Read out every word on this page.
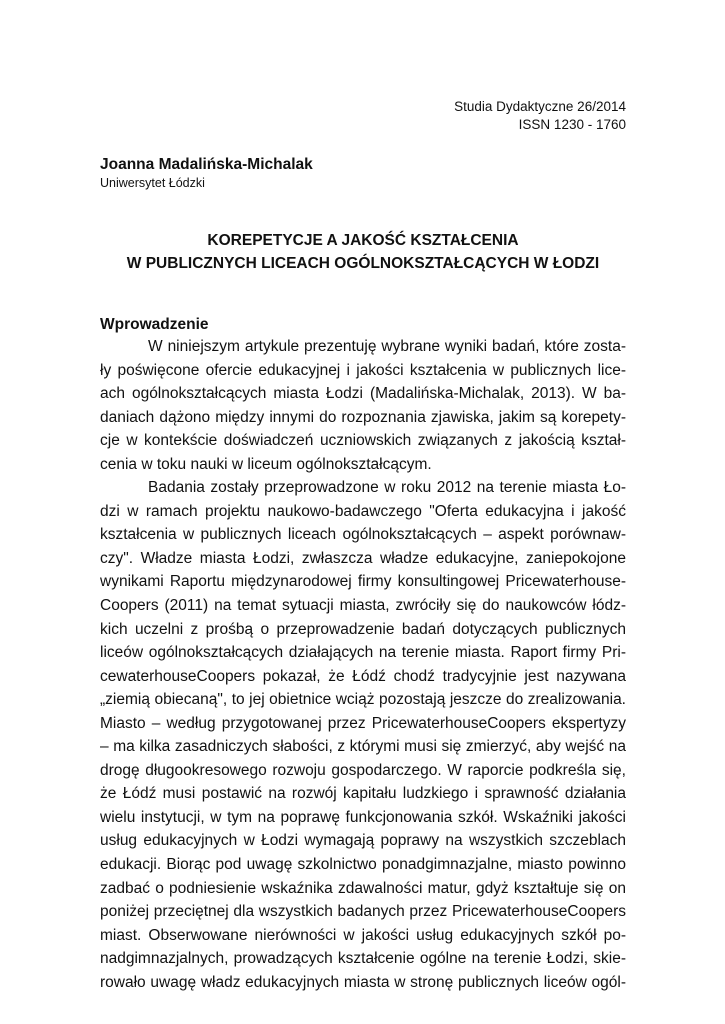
Studia Dydaktyczne 26/2014
ISSN 1230 - 1760
Joanna Madalińska-Michalak
Uniwersytet Łódzki
KOREPETYCJE A JAKOŚĆ KSZTAŁCENIA
W PUBLICZNYCH LICEACH OGÓLNOKSZTAŁCĄCYCH W ŁODZI
Wprowadzenie
W niniejszym artykule prezentuję wybrane wyniki badań, które zosta-
ły poświęcone ofercie edukacyjnej i jakości kształcenia w publicznych lice-
ach ogólnokształcących miasta Łodzi (Madalińska-Michalak, 2013). W ba-
daniach dążono między innymi do rozpoznania zjawiska, jakim są korepety-
cje w kontekście doświadczeń uczniowskich związanych z jakością kształ-
cenia w toku nauki w liceum ogólnokształcącym.
Badania zostały przeprowadzone w roku 2012 na terenie miasta Ło-
dzi w ramach projektu naukowo-badawczego "Oferta edukacyjna i jakość
kształcenia w publicznych liceach ogólnokształcących – aspekt porównaw-
czy". Władze miasta Łodzi, zwłaszcza władze edukacyjne, zaniepokojone
wynikami Raportu międzynarodowej firmy konsultingowej Pricewaterhouse-
Coopers (2011) na temat sytuacji miasta, zwróciły się do naukowców łódz-
kich uczelni z prośbą o przeprowadzenie badań dotyczących publicznych
liceów ogólnokształcących działających na terenie miasta. Raport firmy Pri-
cewaterhouseCoopers pokazał, że Łódź chodź tradycyjnie jest nazywana
„ziemią obiecaną", to jej obietnice wciąż pozostają jeszcze do zrealizowania.
Miasto – według przygotowanej przez PricewaterhouseCoopers ekspertyzy
– ma kilka zasadniczych słabości, z którymi musi się zmierzyć, aby wejść na
drogę długookresowego rozwoju gospodarczego. W raporcie podkreśla się,
że Łódź musi postawić na rozwój kapitału ludzkiego i sprawność działania
wielu instytucji, w tym na poprawę funkcjonowania szkół. Wskaźniki jakości
usług edukacyjnych w Łodzi wymagają poprawy na wszystkich szczeblach
edukacji. Biorąc pod uwagę szkolnictwo ponadgimnazjalne, miasto powinno
zadbać o podniesienie wskaźnika zdawalności matur, gdyż kształtuje się on
poniżej przeciętnej dla wszystkich badanych przez PricewaterhouseCoopers
miast. Obserwowane nierówności w jakości usług edukacyjnych szkół po-
nadgimnazjalnych, prowadzących kształcenie ogólne na terenie Łodzi, skie-
rowało uwagę władz edukacyjnych miasta w stronę publicznych liceów ogól-
